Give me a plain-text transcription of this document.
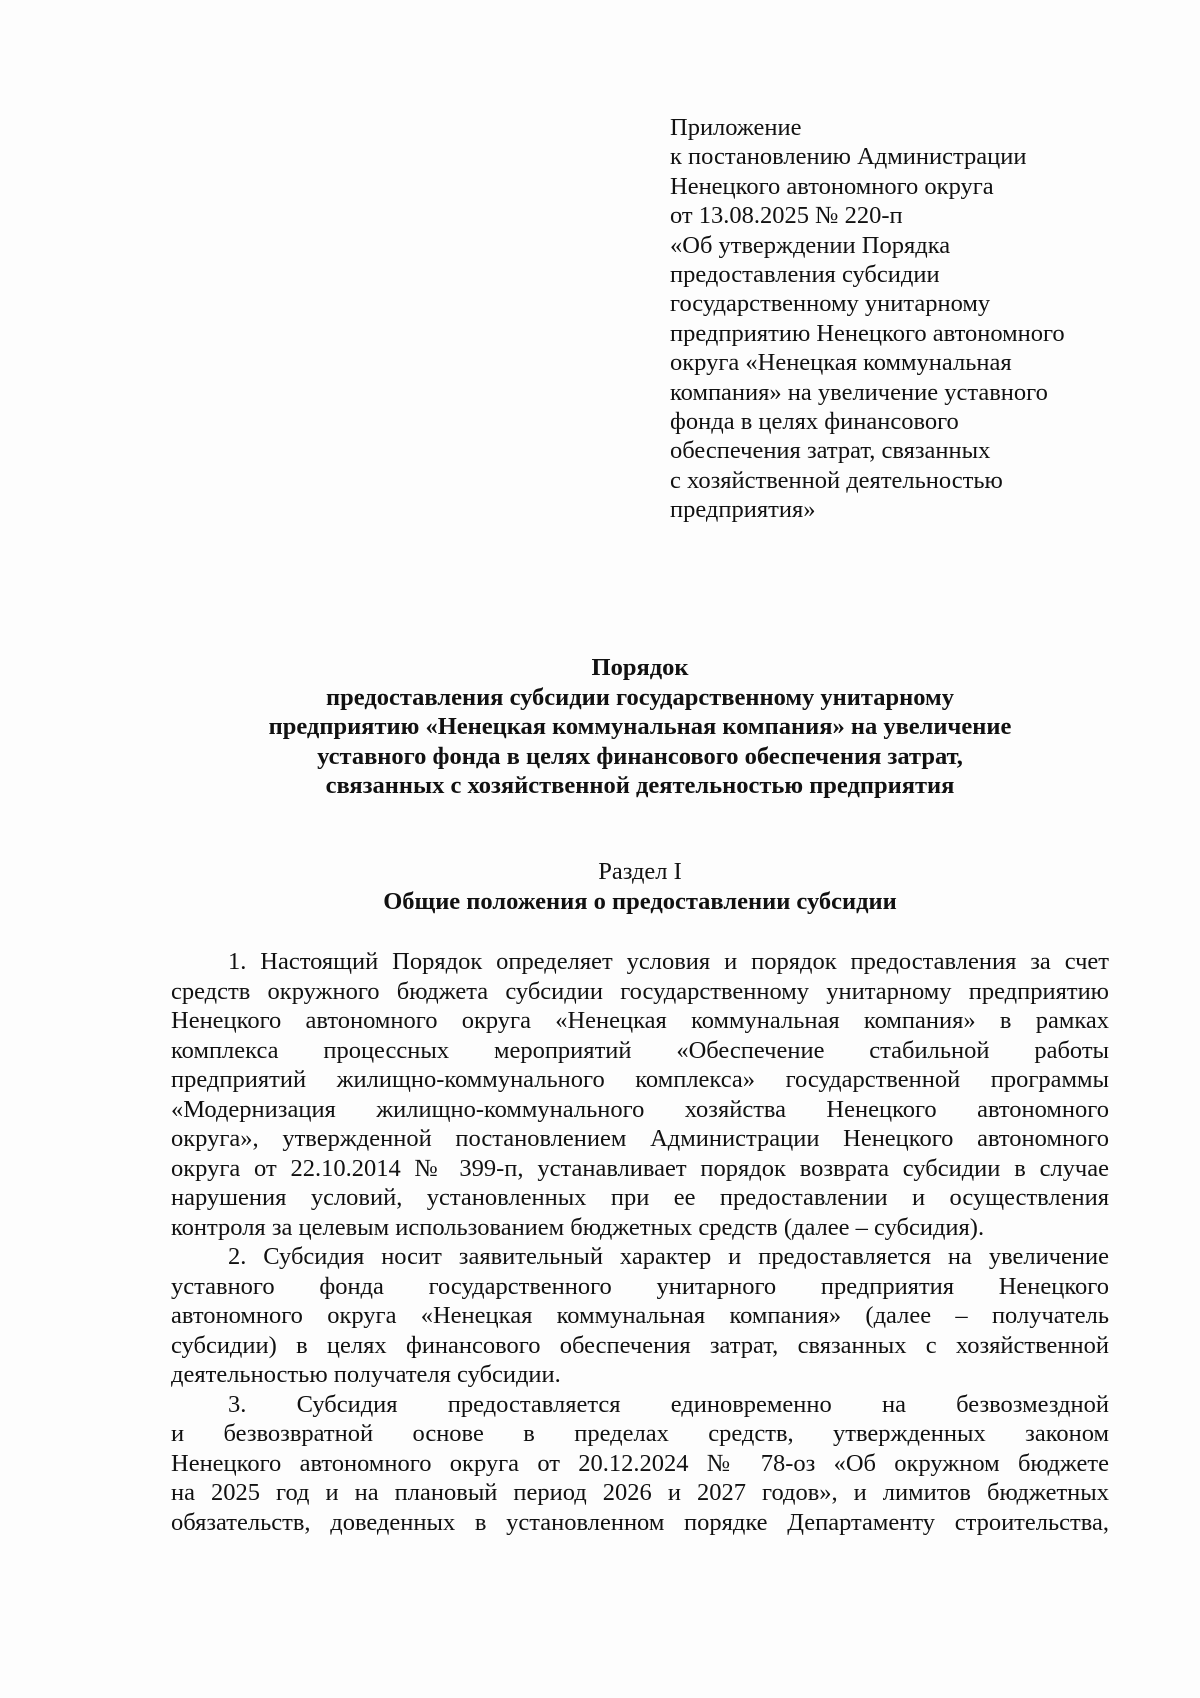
Приложение
к постановлению Администрации
Ненецкого автономного округа
от 13.08.2025 № 220-п
«Об утверждении Порядка
предоставления субсидии
государственному унитарному
предприятию Ненецкого автономного
округа «Ненецкая коммунальная
компания» на увеличение уставного
фонда в целях финансового
обеспечения затрат, связанных
с хозяйственной деятельностью
предприятия»
Порядок
предоставления субсидии государственному унитарному
предприятию «Ненецкая коммунальная компания» на увеличение
уставного фонда в целях финансового обеспечения затрат,
связанных с хозяйственной деятельностью предприятия
Раздел I
Общие положения о предоставлении субсидии
1. Настоящий Порядок определяет условия и порядок предоставления за счет
средств окружного бюджета субсидии государственному унитарному предприятию
Ненецкого автономного округа «Ненецкая коммунальная компания» в рамках
комплекса процессных мероприятий «Обеспечение стабильной работы
предприятий жилищно-коммунального комплекса» государственной программы
«Модернизация жилищно-коммунального хозяйства Ненецкого автономного
округа», утвержденной постановлением Администрации Ненецкого автономного
округа от 22.10.2014 № 399-п, устанавливает порядок возврата субсидии в случае
нарушения условий, установленных при ее предоставлении и осуществления
контроля за целевым использованием бюджетных средств (далее – субсидия).
2. Субсидия носит заявительный характер и предоставляется на увеличение
уставного фонда государственного унитарного предприятия Ненецкого
автономного округа «Ненецкая коммунальная компания» (далее – получатель
субсидии) в целях финансового обеспечения затрат, связанных с хозяйственной
деятельностью получателя субсидии.
3. Субсидия предоставляется единовременно на безвозмездной
и безвозвратной основе в пределах средств, утвержденных законом
Ненецкого автономного округа от 20.12.2024 № 78-оз «Об окружном бюджете
на 2025 год и на плановый период 2026 и 2027 годов», и лимитов бюджетных
обязательств, доведенных в установленном порядке Департаменту строительства,
